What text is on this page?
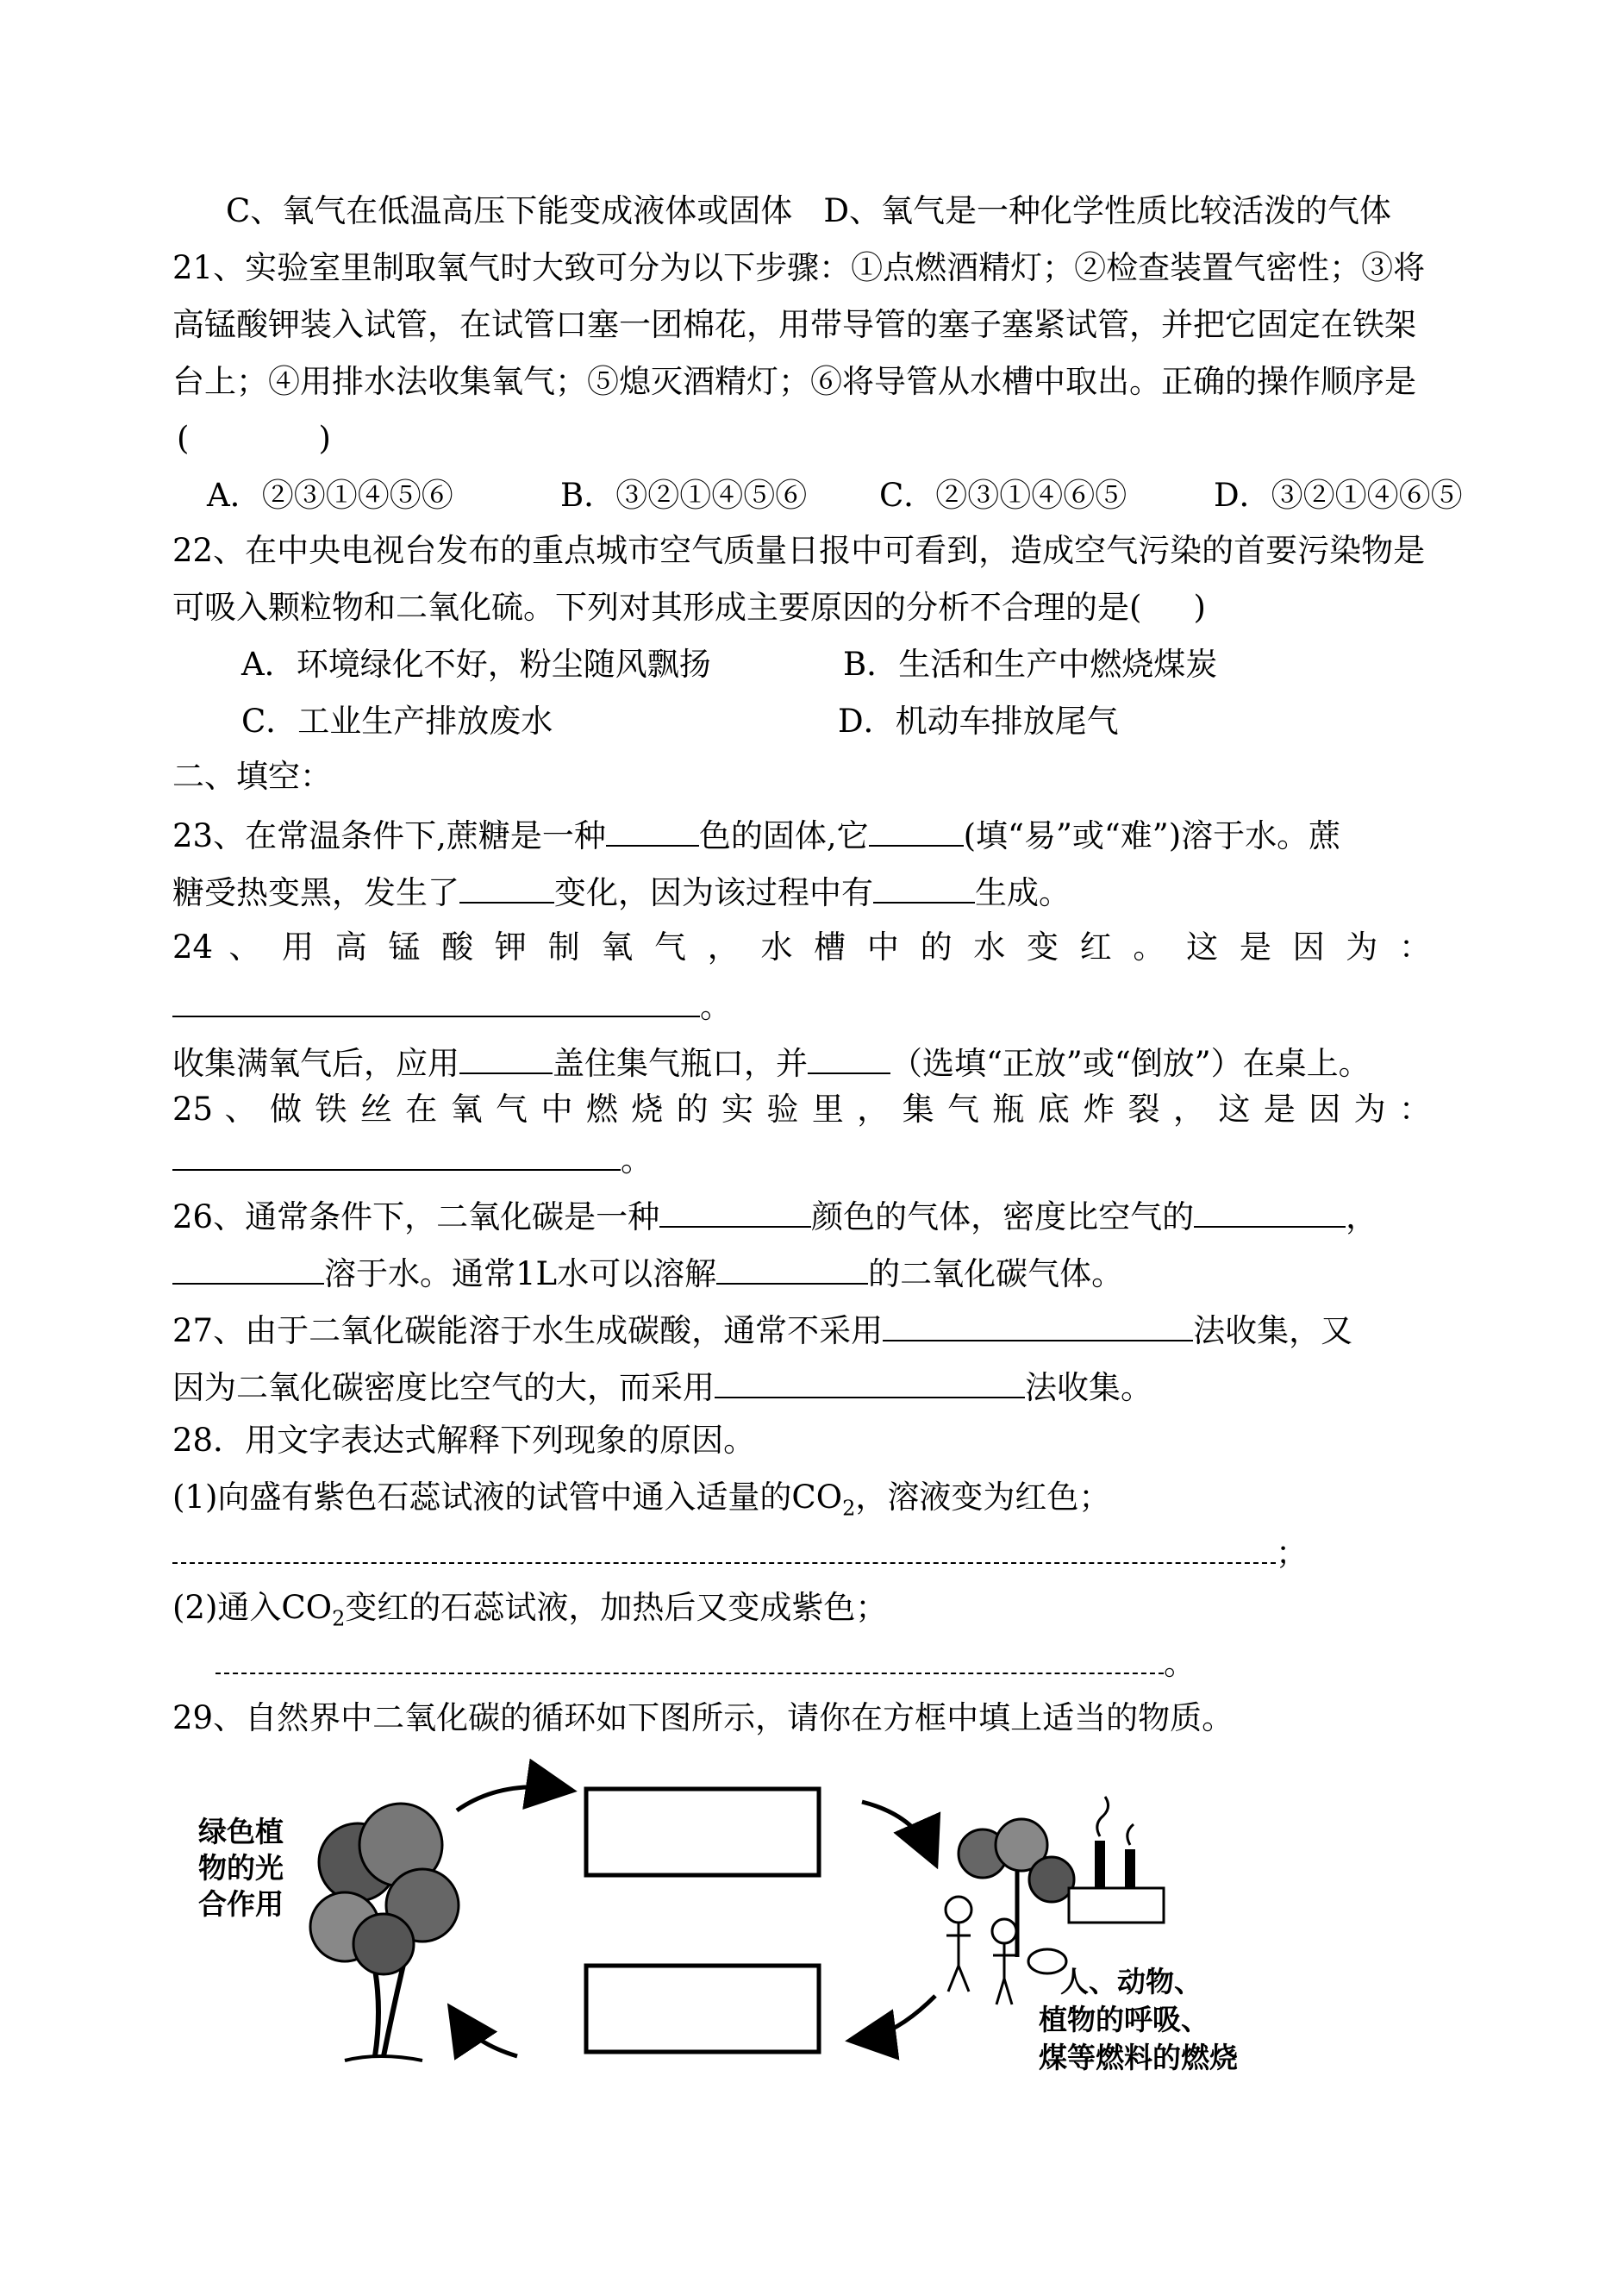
C、氧气在低温高压下能变成液体或固体 D、氧气是一种化学性质比较活泼的气体
21、实验室里制取氧气时大致可分为以下步骤：①点燃酒精灯；②检查装置气密性；③将
高锰酸钾装入试管，在试管口塞一团棉花，用带导管的塞子塞紧试管，并把它固定在铁架
台上；④用排水法收集氧气；⑤熄灭酒精灯；⑥将导管从水槽中取出。正确的操作顺序是
(	)
A．②③①④⑤⑥	B．③②①④⑤⑥ C．②③①④⑥⑤	D．③②①④⑥⑤
22、在中央电视台发布的重点城市空气质量日报中可看到，造成空气污染的首要污染物是
可吸入颗粒物和二氧化硫。下列对其形成主要原因的分析不合理的是( )
A．环境绿化不好，粉尘随风飘扬	B．生活和生产中燃烧煤炭
C．工业生产排放废水	D．机动车排放尾气
二、填空：
23、在常温条件下,蔗糖是一种	色的固体,它	(填“易”或“难”)溶于水。蔗
糖受热变黑，发生了	变化，因为该过程中有	生成。
24 、 用 高 锰 酸 钾 制 氧 气 ， 水 槽 中 的 水 变 红 。 这 是 因 为 ：
。
收集满氧气后，应用	盖住集气瓶口，并	（选填“正放”或“倒放”）在桌上。
25 、 做 铁 丝 在 氧 气 中 燃 烧 的 实 验 里 ， 集 气 瓶 底 炸 裂 ， 这 是 因 为 ：
。
26、通常条件下，二氧化碳是一种	颜色的气体，密度比空气的	，
溶于水。通常1L水可以溶解	的二氧化碳气体。
27、由于二氧化碳能溶于水生成碳酸，通常不采用	法收集，又
因为二氧化碳密度比空气的大，而采用	法收集。
28．用文字表达式解释下列现象的原因。
(1)向盛有紫色石蕊试液的试管中通入适量的$CO_2$，溶液变为红色；
；
(2)通入$CO_2$变红的石蕊试液，加热后又变成紫色；
。
29、自然界中二氧化碳的循环如下图所示，请你在方框中填上适当的物质。
绿色植
物的光
合作用
人、动物、
植物的呼吸、
煤等燃料的燃烧
